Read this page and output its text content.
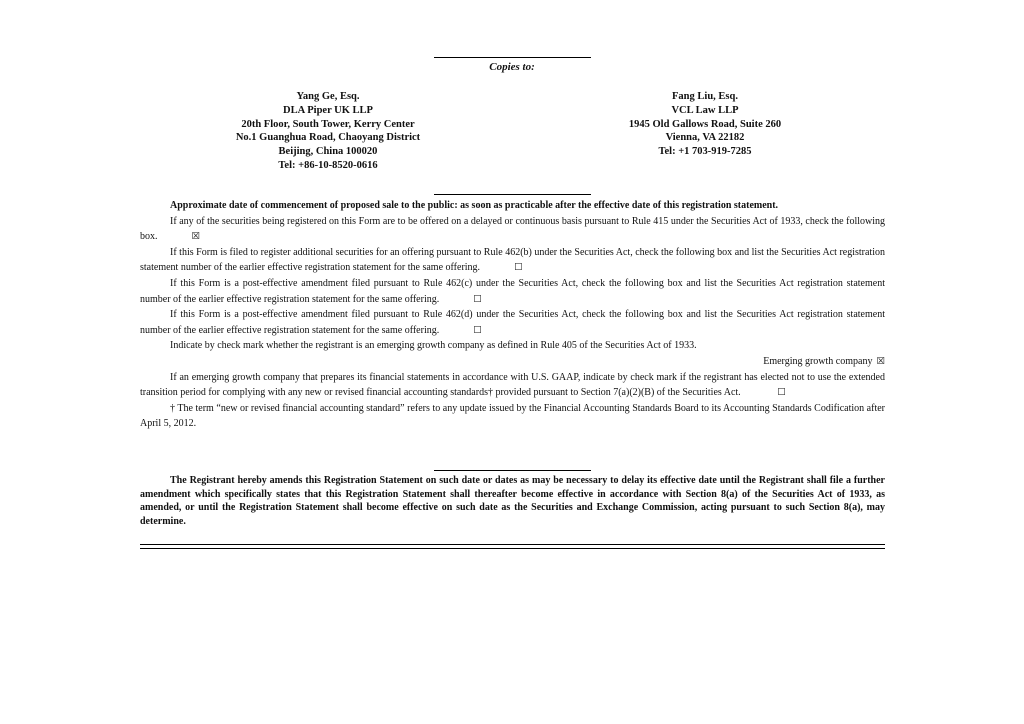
Copies to:
Yang Ge, Esq.
DLA Piper UK LLP
20th Floor, South Tower, Kerry Center
No.1 Guanghua Road, Chaoyang District
Beijing, China 100020
Tel: +86-10-8520-0616
Fang Liu, Esq.
VCL Law LLP
1945 Old Gallows Road, Suite 260
Vienna, VA 22182
Tel: +1 703-919-7285

Approximate date of commencement of proposed sale to the public: as soon as practicable after the effective date of this registration statement.

If any of the securities being registered on this Form are to be offered on a delayed or continuous basis pursuant to Rule 415 under the Securities Act of 1933, check the following box.	☒

If this Form is filed to register additional securities for an offering pursuant to Rule 462(b) under the Securities Act, check the following box and list the Securities Act registration statement number of the earlier effective registration statement for the same offering.	☐

If this Form is a post-effective amendment filed pursuant to Rule 462(c) under the Securities Act, check the following box and list the Securities Act registration statement number of the earlier effective registration statement for the same offering.	☐

If this Form is a post-effective amendment filed pursuant to Rule 462(d) under the Securities Act, check the following box and list the Securities Act registration statement number of the earlier effective registration statement for the same offering.	☐

Indicate by check mark whether the registrant is an emerging growth company as defined in Rule 405 of the Securities Act of 1933.

Emerging growth company ☒

If an emerging growth company that prepares its financial statements in accordance with U.S. GAAP, indicate by check mark if the registrant has elected not to use the extended transition period for complying with any new or revised financial accounting standards† provided pursuant to Section 7(a)(2)(B) of the Securities Act.	☐

† The term “new or revised financial accounting standard” refers to any update issued by the Financial Accounting Standards Board to its Accounting Standards Codification after April 5, 2012.

The Registrant hereby amends this Registration Statement on such date or dates as may be necessary to delay its effective date until the Registrant shall file a further amendment which specifically states that this Registration Statement shall thereafter become effective in accordance with Section 8(a) of the Securities Act of 1933, as amended, or until the Registration Statement shall become effective on such date as the Securities and Exchange Commission, acting pursuant to such Section 8(a), may determine.
